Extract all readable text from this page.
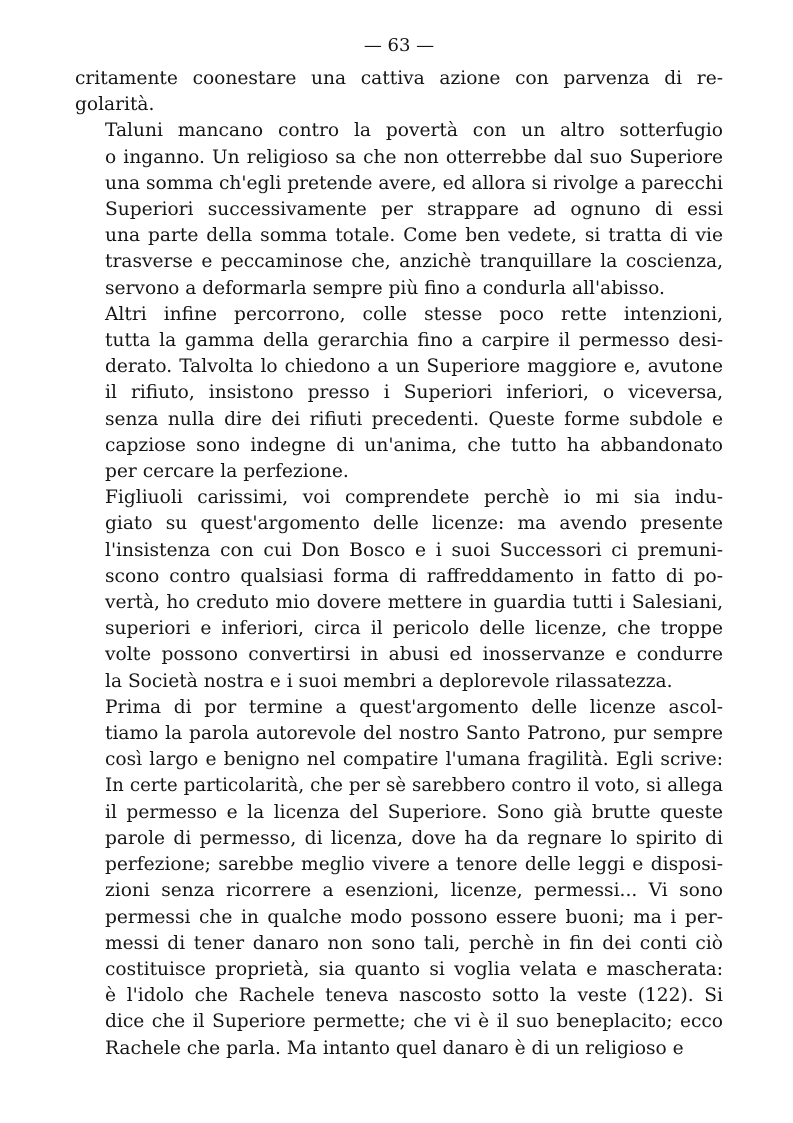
— 63 —

critamente coonestare una cattiva azione con parvenza di re-
golarità.

Taluni mancano contro la povertà con un altro sotterfugio
o inganno. Un religioso sa che non otterrebbe dal suo Superiore
una somma ch'egli pretende avere, ed allora si rivolge a parecchi
Superiori successivamente per strappare ad ognuno di essi
una parte della somma totale. Come ben vedete, si tratta di vie
trasverse e peccaminose che, anzichè tranquillare la coscienza,
servono a deformarla sempre più fino a condurla all'abisso.

Altri infine percorrono, colle stesse poco rette intenzioni,
tutta la gamma della gerarchia fino a carpire il permesso desi-
derato. Talvolta lo chiedono a un Superiore maggiore e, avutone
il rifiuto, insistono presso i Superiori inferiori, o viceversa,
senza nulla dire dei rifiuti precedenti. Queste forme subdole e
capziose sono indegne di un'anima, che tutto ha abbandonato
per cercare la perfezione.

Figliuoli carissimi, voi comprendete perchè io mi sia indu-
giato su quest'argomento delle licenze: ma avendo presente
l'insistenza con cui Don Bosco e i suoi Successori ci premuni-
scono contro qualsiasi forma di raffreddamento in fatto di po-
vertà, ho creduto mio dovere metterе in guardia tutti i Salesiani,
superiori e inferiori, circa il pericolo delle licenze, che troppe
volte possono convertirsi in abusi ed inosservanze e condurre
la Società nostra e i suoi membri a deplorevole rilassatezza.

Prima di por termine a quest'argomento delle licenze ascol-
tiamo la parola autorevole del nostro Santo Patrono, pur sempre
così largo e benigno nel compatire l'umana fragilità. Egli scrive:
In certe particolarità, che per sè sarebbero contro il voto, si allega
il permesso e la licenza del Superiore. Sono già brutte queste
parole di permesso, di licenza, dove ha da regnare lo spirito di
perfezione; sarebbe meglio vivere a tenore delle leggi e disposi-
zioni senza ricorrere a esenzioni, licenze, permessi... Vi sono
permessi che in qualche modo possono essere buoni; ma i per-
messi di tener danaro non sono tali, perchè in fin dei conti ciò
costituisce proprietà, sia quanto si voglia velata e mascherata:
è l'idolo che Rachele teneva nascosto sotto la veste (122). Si
dice che il Superiore permette; che vi è il suo beneplacito; ecco
Rachele che parla. Ma intanto quel danaro è di un religioso e
